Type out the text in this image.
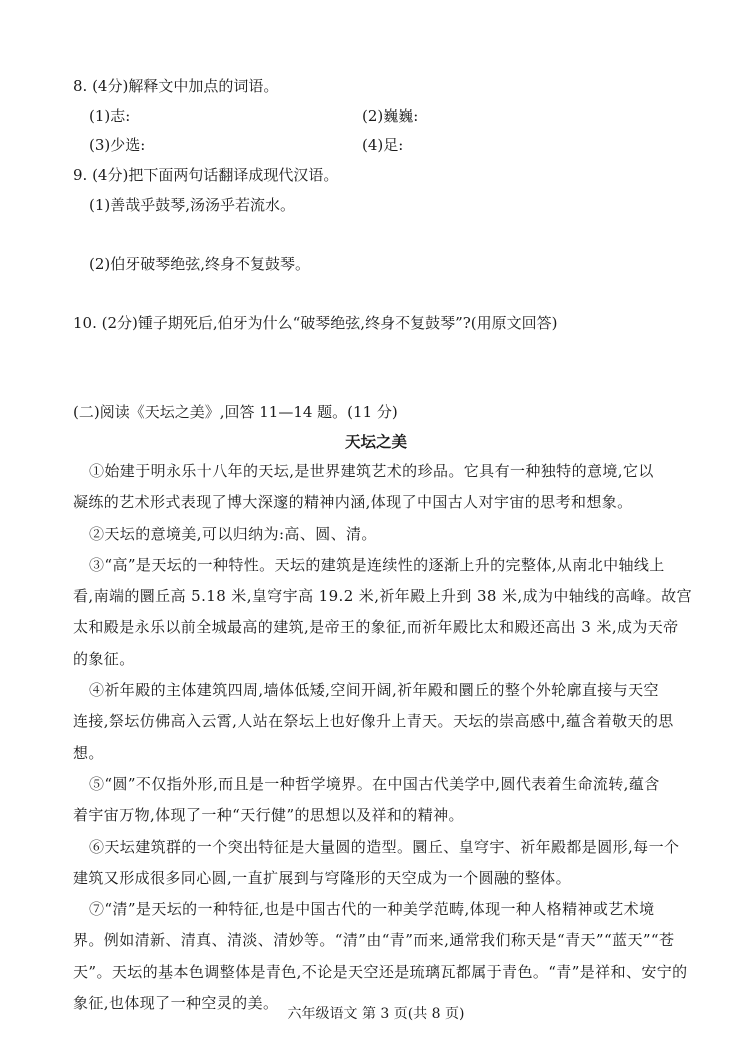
8. (4分)解释文中加点的词语。
(1)志:	(2)巍巍:
(3)少选:	(4)足:
9. (4分)把下面两句话翻译成现代汉语。
(1)善哉乎鼓琴,汤汤乎若流水。
(2)伯牙破琴绝弦,终身不复鼓琴。
10. (2分)锺子期死后,伯牙为什么“破琴绝弦,终身不复鼓琴”?(用原文回答)
(二)阅读《天坛之美》,回答 11—14 题。(11 分)
天坛之美
①始建于明永乐十八年的天坛,是世界建筑艺术的珍品。它具有一种独特的意境,它以
凝练的艺术形式表现了博大深邃的精神内涵,体现了中国古人对宇宙的思考和想象。
②天坛的意境美,可以归纳为:高、圆、清。
③“高”是天坛的一种特性。天坛的建筑是连续性的逐渐上升的完整体,从南北中轴线上
看,南端的圜丘高 5.18 米,皇穹宇高 19.2 米,祈年殿上升到 38 米,成为中轴线的高峰。故宫
太和殿是永乐以前全城最高的建筑,是帝王的象征,而祈年殿比太和殿还高出 3 米,成为天帝
的象征。
④祈年殿的主体建筑四周,墙体低矮,空间开阔,祈年殿和圜丘的整个外轮廓直接与天空
连接,祭坛仿佛高入云霄,人站在祭坛上也好像升上青天。天坛的崇高感中,蕴含着敬天的思
想。
⑤“圆”不仅指外形,而且是一种哲学境界。在中国古代美学中,圆代表着生命流转,蕴含
着宇宙万物,体现了一种“天行健”的思想以及祥和的精神。
⑥天坛建筑群的一个突出特征是大量圆的造型。圜丘、皇穹宇、祈年殿都是圆形,每一个
建筑又形成很多同心圆,一直扩展到与穹隆形的天空成为一个圆融的整体。
⑦“清”是天坛的一种特征,也是中国古代的一种美学范畴,体现一种人格精神或艺术境
界。例如清新、清真、清淡、清妙等。“清”由“青”而来,通常我们称天是“青天”“蓝天”“苍
天”。天坛的基本色调整体是青色,不论是天空还是琉璃瓦都属于青色。“青”是祥和、安宁的
象征,也体现了一种空灵的美。
六年级语文 第 3 页(共 8 页)
